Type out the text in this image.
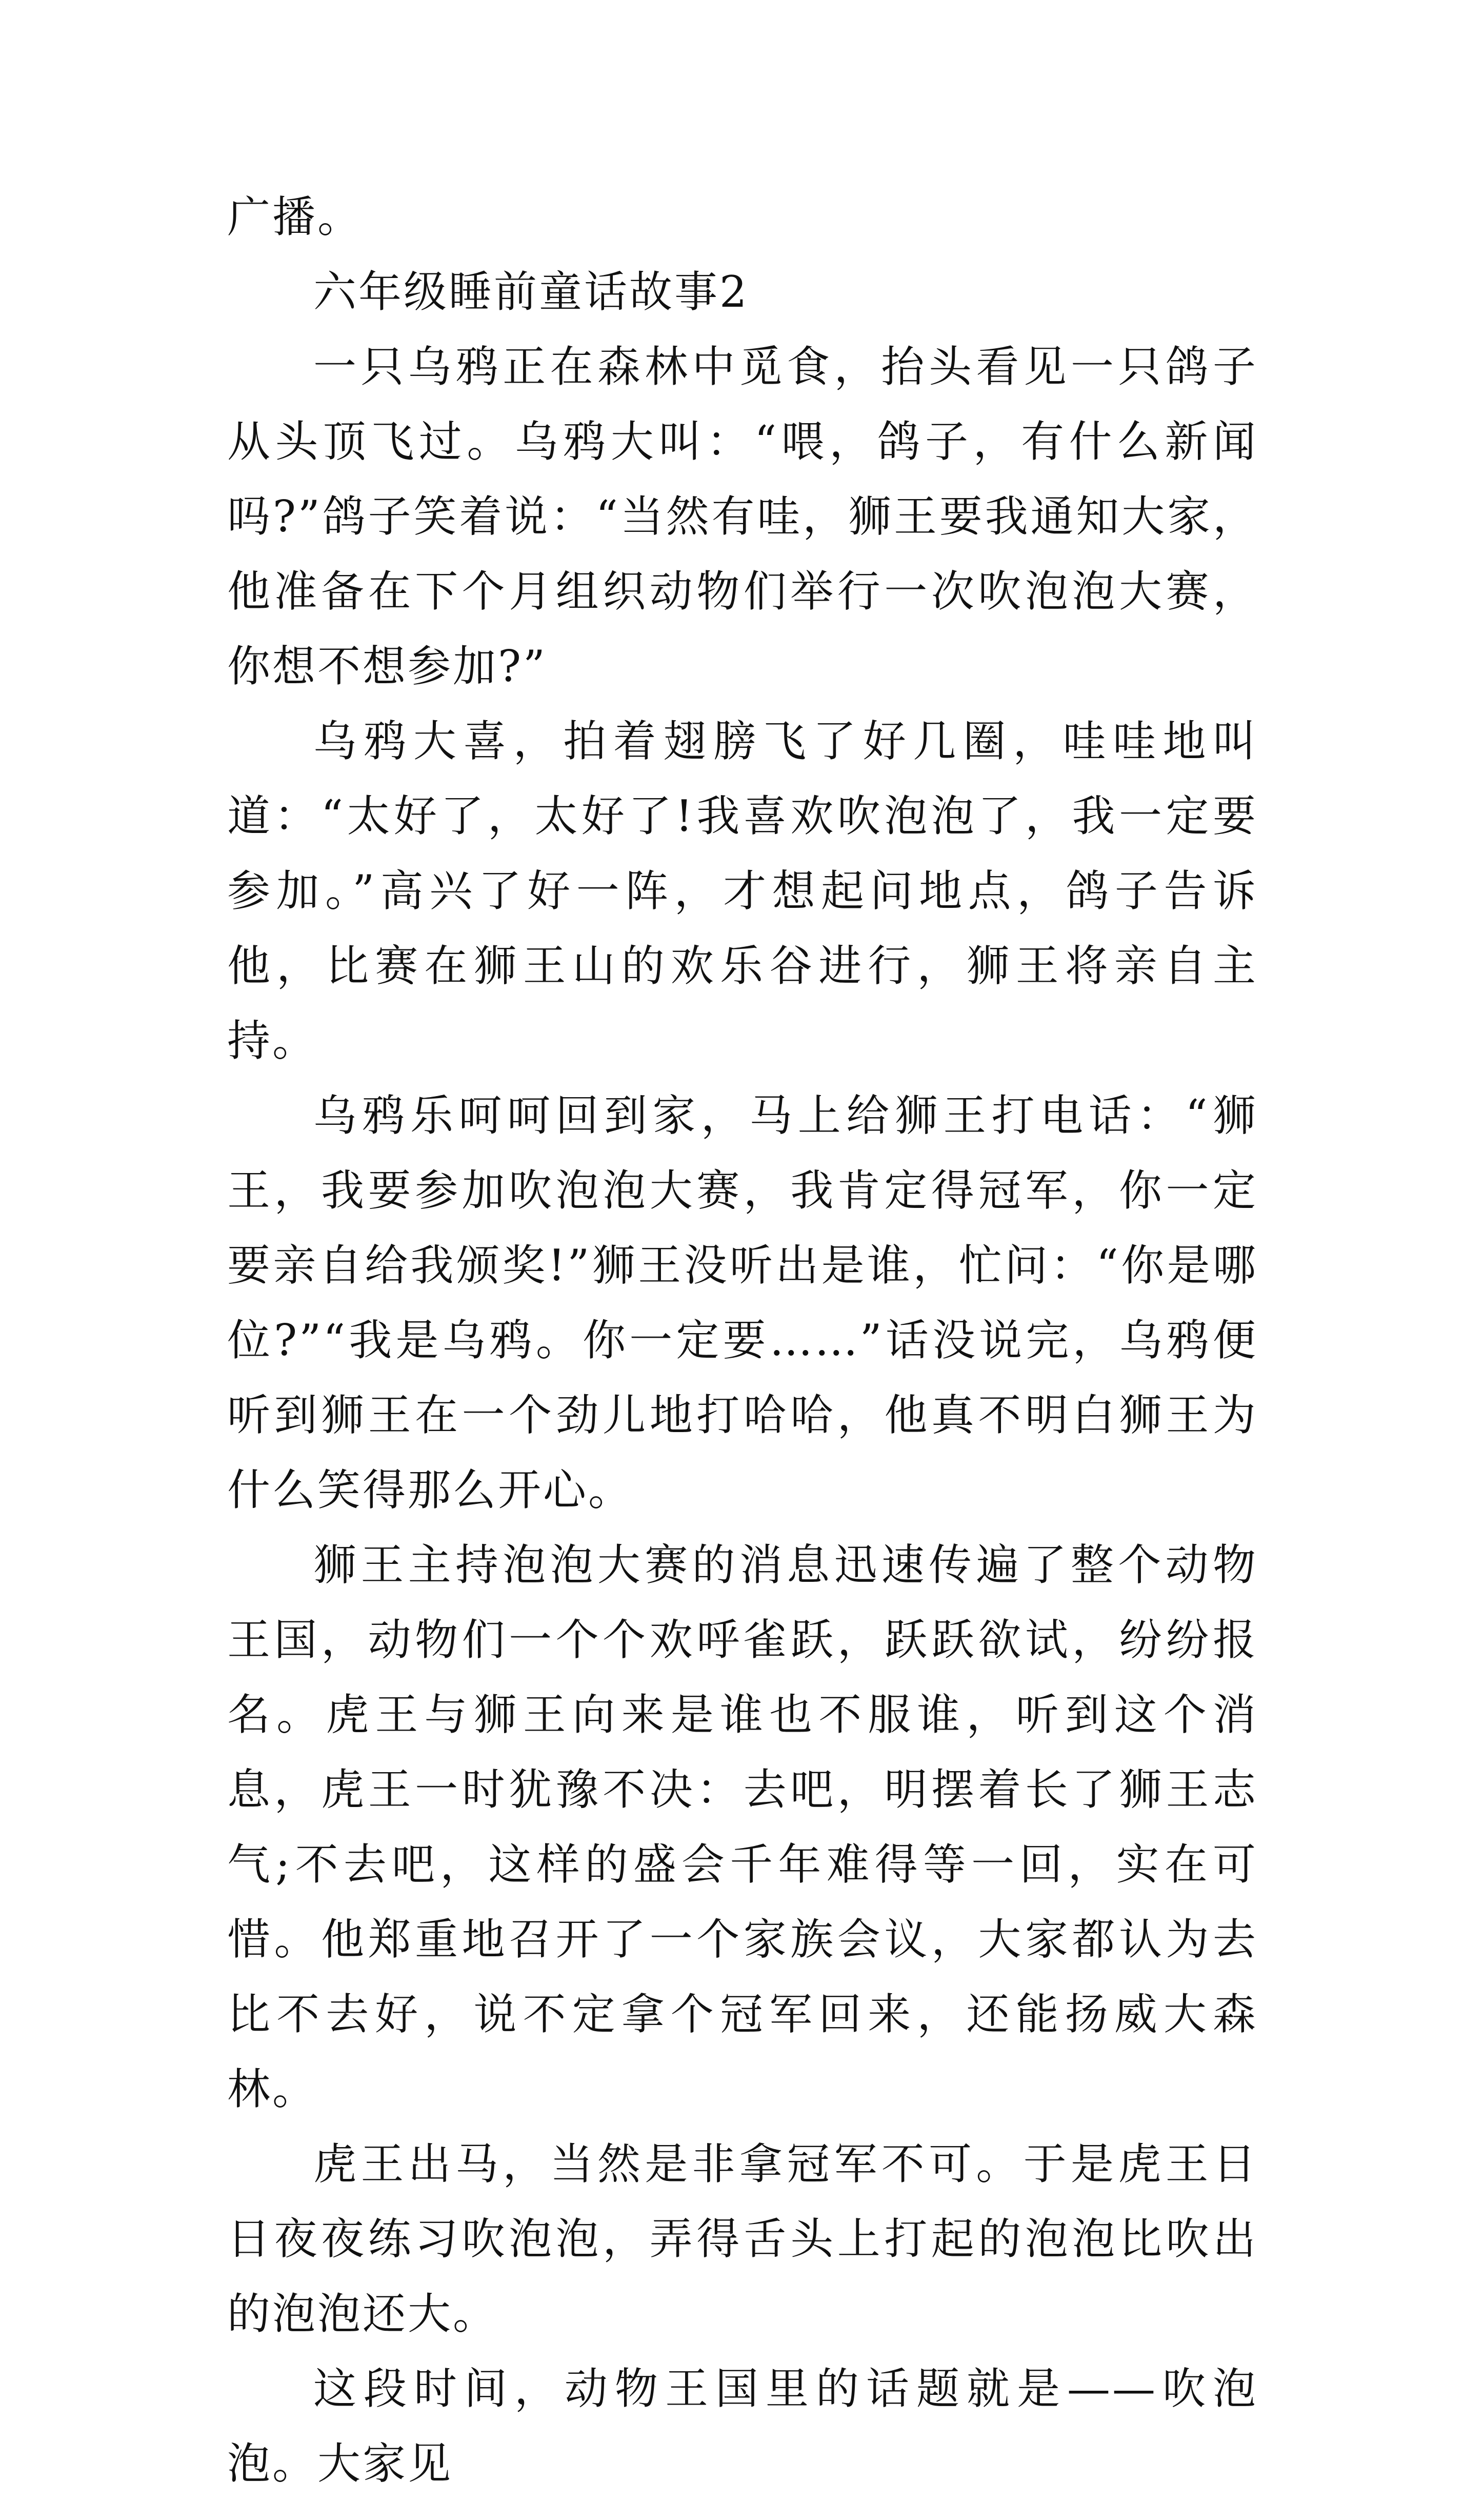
广播。

六年级睡前童话故事2

一只乌鸦正在森林中觅食，抬头看见一只鸽子从头顶飞过。乌鸦大叫：“喂，鸽子，有什么新闻吗?”鸽子笑着说：“当然有哇，狮王要我通知大家，他准备在下个月组织动物们举行一次吹泡泡大赛，你想不想参加?”

乌鸦大喜，拍着翅膀飞了好几圈，哇哇地叫道：“太好了，太好了!我喜欢吹泡泡了，我一定要参加。”高兴了好一阵，才想起问地点，鸽子告诉他，比赛在狮王山的欢乐谷进行，狮王将亲自主持。

乌鸦乐呵呵回到家，马上给狮王打电话：“狮王，我要参加吹泡泡大赛，我肯定得冠军，你一定要亲自给我颁奖!”狮王没听出是谁，忙问：“你是哪位?”“我是乌鸦。你一定要……”话没说完，乌鸦便听到狮王在一个劲儿地打哈哈，他真不明白狮王为什么笑得那么开心。

狮王主持泡泡大赛的消息迅速传遍了整个动物王国，动物们一个个欢呼雀跃，跃跃欲试，纷纷报名。虎王与狮王向来是谁也不服谁，听到这个消息，虎王一时犹豫不决：去吧，明摆着长了狮王志气;不去吧，这样的盛会千年难得等一回，实在可惜。他郑重地召开了一个家族会议，大家都认为去比不去好，说不定拿个冠军回来，还能扬威大森林。

虎王出马，当然是非拿冠军不可。于是虎王日日夜夜练习吹泡泡，弄得舌头上打起的泡泡比吹出的泡泡还大。

这段时间，动物王国里的话题就是——吹泡泡。大家见
